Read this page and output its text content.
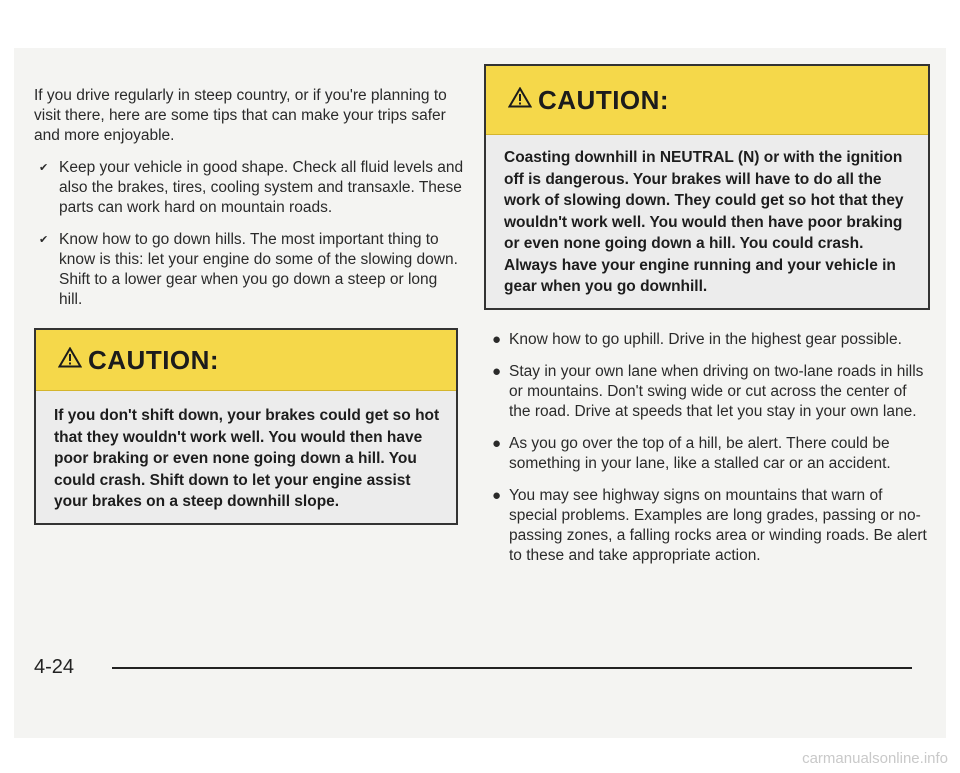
If you drive regularly in steep country, or if you're planning to visit there, here are some tips that can make your trips safer and more enjoyable.

✔ Keep your vehicle in good shape. Check all fluid levels and also the brakes, tires, cooling system and transaxle. These parts can work hard on mountain roads.
✔ Know how to go down hills. The most important thing to know is this: let your engine do some of the slowing down. Shift to a lower gear when you go down a steep or long hill.
CAUTION:
If you don't shift down, your brakes could get so hot that they wouldn't work well. You would then have poor braking or even none going down a hill. You could crash. Shift down to let your engine assist your brakes on a steep downhill slope.
CAUTION:
Coasting downhill in NEUTRAL (N) or with the ignition off is dangerous. Your brakes will have to do all the work of slowing down. They could get so hot that they wouldn't work well. You would then have poor braking or even none going down a hill. You could crash. Always have your engine running and your vehicle in gear when you go downhill.
● Know how to go uphill. Drive in the highest gear possible.
● Stay in your own lane when driving on two-lane roads in hills or mountains. Don't swing wide or cut across the center of the road. Drive at speeds that let you stay in your own lane.
● As you go over the top of a hill, be alert. There could be something in your lane, like a stalled car or an accident.
● You may see highway signs on mountains that warn of special problems. Examples are long grades, passing or no-passing zones, a falling rocks area or winding roads. Be alert to these and take appropriate action.
4-24
carmanualsonline.info
